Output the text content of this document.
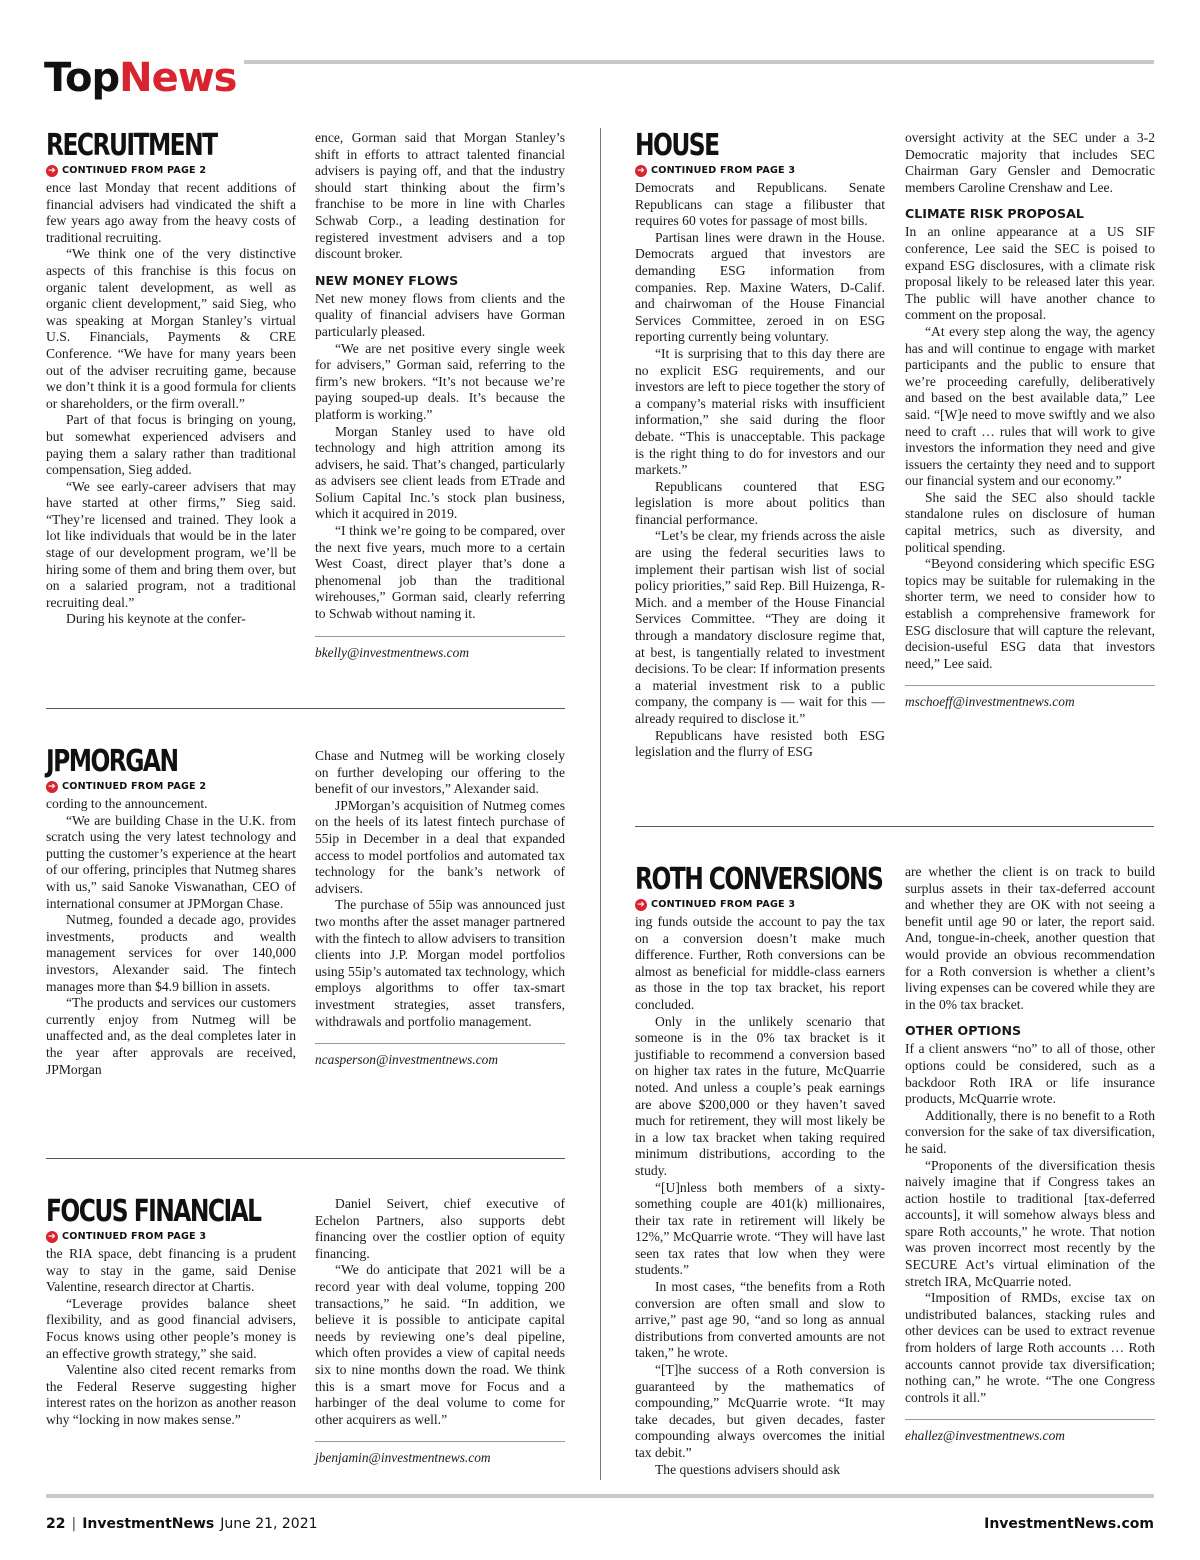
TopNews
RECRUITMENT
➔ CONTINUED FROM PAGE 2

ence last Monday that recent additions of financial advisers had vindicated the shift a few years ago away from the heavy costs of traditional recruiting.

“We think one of the very distinctive aspects of this franchise is this focus on organic talent development, as well as organic client development,” said Sieg, who was speaking at Morgan Stanley’s virtual U.S. Financials, Payments & CRE Conference. “We have for many years been out of the adviser recruiting game, because we don’t think it is a good formula for clients or shareholders, or the firm overall.”

Part of that focus is bringing on young, but somewhat experienced advisers and paying them a salary rather than traditional compensation, Sieg added.

“We see early-career advisers that may have started at other firms,” Sieg said. “They’re licensed and trained. They look a lot like individuals that would be in the later stage of our development program, we’ll be hiring some of them and bring them over, but on a salaried program, not a traditional recruiting deal.”

During his keynote at the confer-

ence, Gorman said that Morgan Stanley’s shift in efforts to attract talented financial advisers is paying off, and that the industry should start thinking about the firm’s franchise to be more in line with Charles Schwab Corp., a leading destination for registered investment advisers and a top discount broker.

NEW MONEY FLOWS

Net new money flows from clients and the quality of financial advisers have Gorman particularly pleased.

“We are net positive every single week for advisers,” Gorman said, referring to the firm’s new brokers. “It’s not because we’re paying souped-up deals. It’s because the platform is working.”

Morgan Stanley used to have old technology and high attrition among its advisers, he said. That’s changed, particularly as advisers see client leads from ETrade and Solium Capital Inc.’s stock plan business, which it acquired in 2019.

“I think we’re going to be compared, over the next five years, much more to a certain West Coast, direct player that’s done a phenomenal job than the traditional wirehouses,” Gorman said, clearly referring to Schwab without naming it.

bkelly@investmentnews.com
JPMORGAN
➔ CONTINUED FROM PAGE 2

cording to the announcement.

“We are building Chase in the U.K. from scratch using the very latest technology and putting the customer’s experience at the heart of our offering, principles that Nutmeg shares with us,” said Sanoke Viswanathan, CEO of international consumer at JPMorgan Chase.

Nutmeg, founded a decade ago, provides investments, products and wealth management services for over 140,000 investors, Alexander said. The fintech manages more than $4.9 billion in assets.

“The products and services our customers currently enjoy from Nutmeg will be unaffected and, as the deal completes later in the year after approvals are received, JPMorgan

Chase and Nutmeg will be working closely on further developing our offering to the benefit of our investors,” Alexander said.

JPMorgan’s acquisition of Nutmeg comes on the heels of its latest fintech purchase of 55ip in December in a deal that expanded access to model portfolios and automated tax technology for the bank’s network of advisers.

The purchase of 55ip was announced just two months after the asset manager partnered with the fintech to allow advisers to transition clients into J.P. Morgan model portfolios using 55ip’s automated tax technology, which employs algorithms to offer tax-smart investment strategies, asset transfers, withdrawals and portfolio management.

ncasperson@investmentnews.com
FOCUS FINANCIAL
➔ CONTINUED FROM PAGE 3

the RIA space, debt financing is a prudent way to stay in the game, said Denise Valentine, research director at Chartis.

“Leverage provides balance sheet flexibility, and as good financial advisers, Focus knows using other people’s money is an effective growth strategy,” she said.

Valentine also cited recent remarks from the Federal Reserve suggesting higher interest rates on the horizon as another reason why “locking in now makes sense.”

Daniel Seivert, chief executive of Echelon Partners, also supports debt financing over the costlier option of equity financing.

“We do anticipate that 2021 will be a record year with deal volume, topping 200 transactions,” he said. “In addition, we believe it is possible to anticipate capital needs by reviewing one’s deal pipeline, which often provides a view of capital needs six to nine months down the road. We think this is a smart move for Focus and a harbinger of the deal volume to come for other acquirers as well.”

jbenjamin@investmentnews.com
HOUSE
➔ CONTINUED FROM PAGE 3

Democrats and Republicans. Senate Republicans can stage a filibuster that requires 60 votes for passage of most bills.

Partisan lines were drawn in the House. Democrats argued that investors are demanding ESG information from companies. Rep. Maxine Waters, D-Calif. and chairwoman of the House Financial Services Committee, zeroed in on ESG reporting currently being voluntary.

“It is surprising that to this day there are no explicit ESG requirements, and our investors are left to piece together the story of a company’s material risks with insufficient information,” she said during the floor debate. “This is unacceptable. This package is the right thing to do for investors and our markets.”

Republicans countered that ESG legislation is more about politics than financial performance.

“Let’s be clear, my friends across the aisle are using the federal securities laws to implement their partisan wish list of social policy priorities,” said Rep. Bill Huizenga, R-Mich. and a member of the House Financial Services Committee. “They are doing it through a mandatory disclosure regime that, at best, is tangentially related to investment decisions. To be clear: If information presents a material investment risk to a public company, the company is — wait for this — already required to disclose it.”

Republicans have resisted both ESG legislation and the flurry of ESG

oversight activity at the SEC under a 3-2 Democratic majority that includes SEC Chairman Gary Gensler and Democratic members Caroline Crenshaw and Lee.

CLIMATE RISK PROPOSAL

In an online appearance at a US SIF conference, Lee said the SEC is poised to expand ESG disclosures, with a climate risk proposal likely to be released later this year. The public will have another chance to comment on the proposal.

“At every step along the way, the agency has and will continue to engage with market participants and the public to ensure that we’re proceeding carefully, deliberatively and based on the best available data,” Lee said. “[W]e need to move swiftly and we also need to craft … rules that will work to give investors the information they need and give issuers the certainty they need and to support our financial system and our economy.”

She said the SEC also should tackle standalone rules on disclosure of human capital metrics, such as diversity, and political spending.

“Beyond considering which specific ESG topics may be suitable for rulemaking in the shorter term, we need to consider how to establish a comprehensive framework for ESG disclosure that will capture the relevant, decision-useful ESG data that investors need,” Lee said.

mschoeff@investmentnews.com
ROTH CONVERSIONS
➔ CONTINUED FROM PAGE 3

ing funds outside the account to pay the tax on a conversion doesn’t make much difference. Further, Roth conversions can be almost as beneficial for middle-class earners as those in the top tax bracket, his report concluded.

Only in the unlikely scenario that someone is in the 0% tax bracket is it justifiable to recommend a conversion based on higher tax rates in the future, McQuarrie noted. And unless a couple’s peak earnings are above $200,000 or they haven’t saved much for retirement, they will most likely be in a low tax bracket when taking required minimum distributions, according to the study.

“[U]nless both members of a sixty-something couple are 401(k) millionaires, their tax rate in retirement will likely be 12%,” McQuarrie wrote. “They will have last seen tax rates that low when they were students.”

In most cases, “the benefits from a Roth conversion are often small and slow to arrive,” past age 90, “and so long as annual distributions from converted amounts are not taken,” he wrote.

“[T]he success of a Roth conversion is guaranteed by the mathematics of compounding,” McQuarrie wrote. “It may take decades, but given decades, faster compounding always overcomes the initial tax debit.”

The questions advisers should ask

are whether the client is on track to build surplus assets in their tax-deferred account and whether they are OK with not seeing a benefit until age 90 or later, the report said. And, tongue-in-cheek, another question that would provide an obvious recommendation for a Roth conversion is whether a client’s living expenses can be covered while they are in the 0% tax bracket.

OTHER OPTIONS

If a client answers “no” to all of those, other options could be considered, such as a backdoor Roth IRA or life insurance products, McQuarrie wrote.

Additionally, there is no benefit to a Roth conversion for the sake of tax diversification, he said.

“Proponents of the diversification thesis naively imagine that if Congress takes an action hostile to traditional [tax-deferred accounts], it will somehow always bless and spare Roth accounts,” he wrote. That notion was proven incorrect most recently by the SECURE Act’s virtual elimination of the stretch IRA, McQuarrie noted.

“Imposition of RMDs, excise tax on undistributed balances, stacking rules and other devices can be used to extract revenue from holders of large Roth accounts … Roth accounts cannot provide tax diversification; nothing can,” he wrote. “The one Congress controls it all.”

ehallez@investmentnews.com
22 | InvestmentNews June 21, 2021	InvestmentNews.com
